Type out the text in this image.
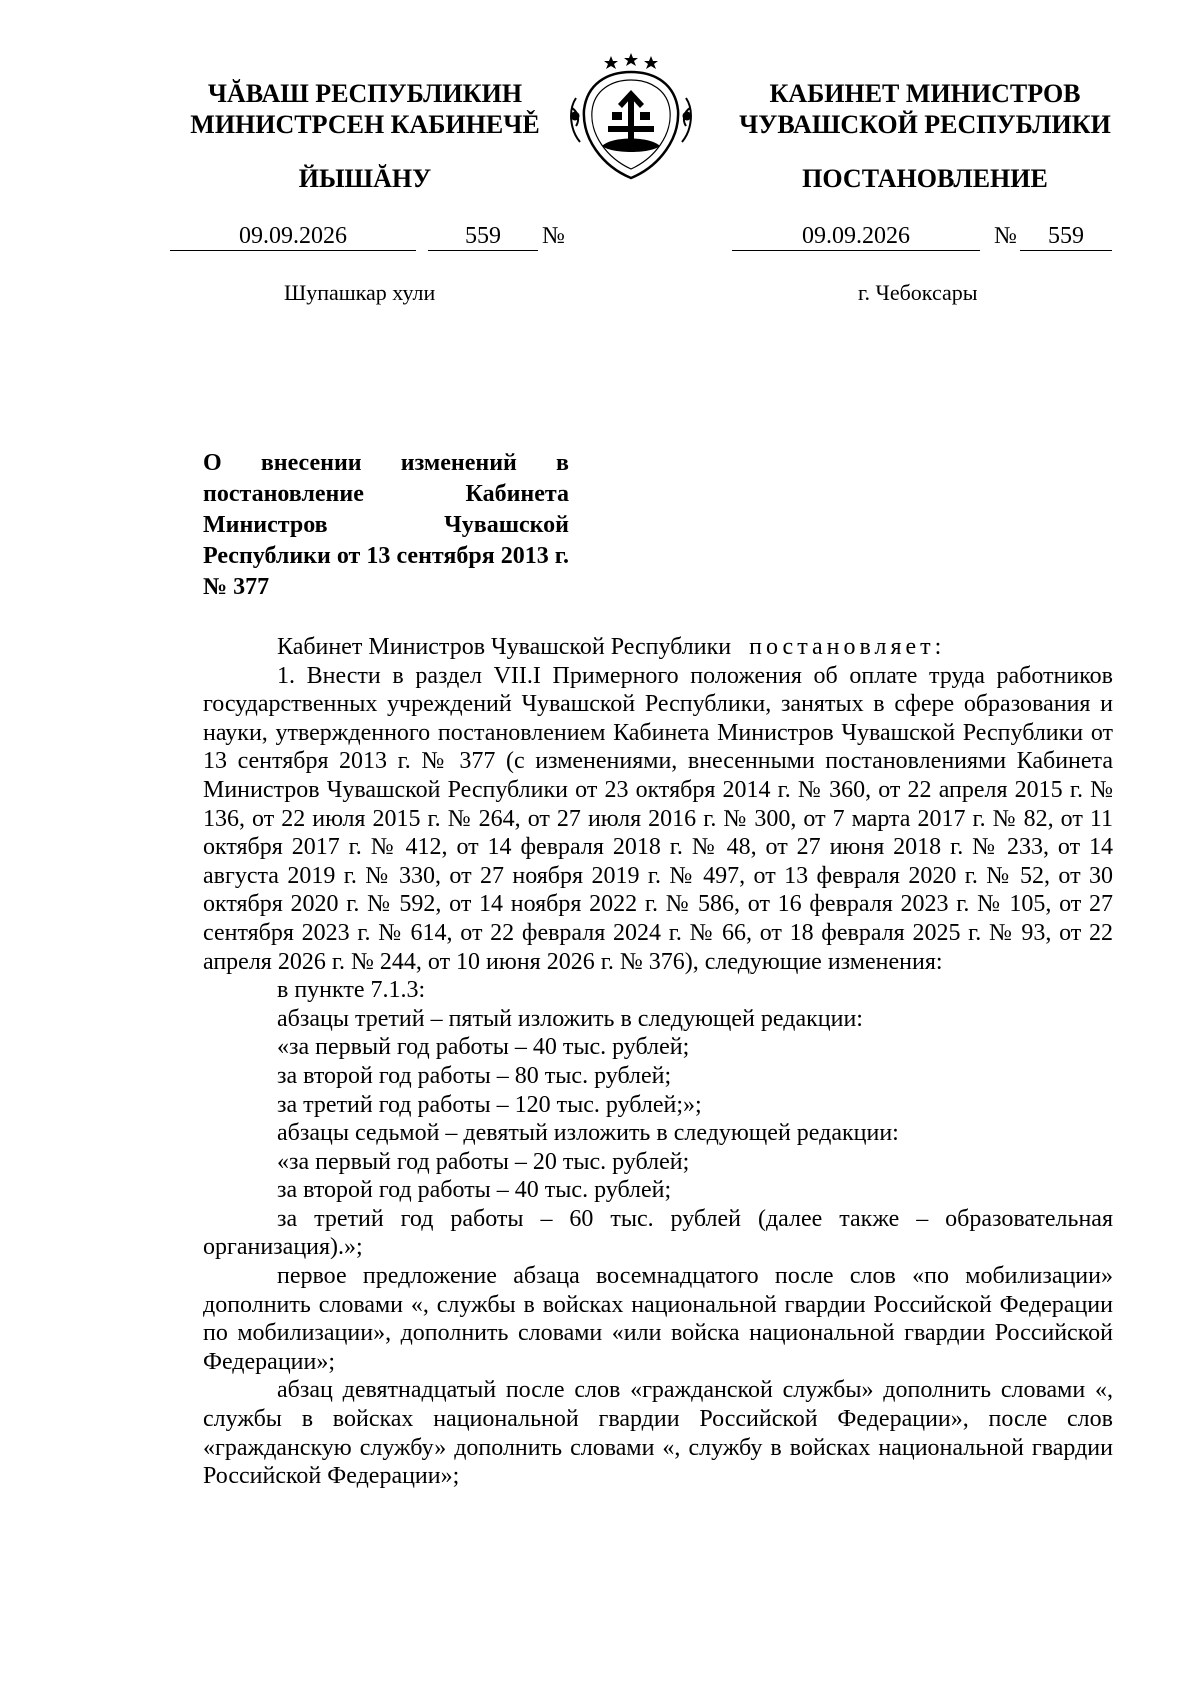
ЧĂВАШ РЕСПУБЛИКИН
МИНИСТРСЕН КАБИНЕЧĚ
КАБИНЕТ МИНИСТРОВ
ЧУВАШСКОЙ РЕСПУБЛИКИ
ЙЫШĂНУ	ПОСТАНОВЛЕНИЕ
09.09.2026	559	№	09.09.2026	№	559
Шупашкар хули	г. Чебоксары
О внесении изменений в постановление Кабинета Министров Чувашской Республики от 13 сентября 2013 г. № 377

Кабинет Министров Чувашской Республики постановляет:

1. Внести в раздел VII.I Примерного положения об оплате труда работников государственных учреждений Чувашской Республики, занятых в сфере образования и науки, утвержденного постановлением Кабинета Министров Чувашской Республики от 13 сентября 2013 г. № 377 (с изменениями, внесенными постановлениями Кабинета Министров Чувашской Республики от 23 октября 2014 г. № 360, от 22 апреля 2015 г. № 136, от 22 июля 2015 г. № 264, от 27 июля 2016 г. № 300, от 7 марта 2017 г. № 82, от 11 октября 2017 г. № 412, от 14 февраля 2018 г. № 48, от 27 июня 2018 г. № 233, от 14 августа 2019 г. № 330, от 27 ноября 2019 г. № 497, от 13 февраля 2020 г. № 52, от 30 октября 2020 г. № 592, от 14 ноября 2022 г. № 586, от 16 февраля 2023 г. № 105, от 27 сентября 2023 г. № 614, от 22 февраля 2024 г. № 66, от 18 февраля 2025 г. № 93, от 22 апреля 2026 г. № 244, от 10 июня 2026 г. № 376), следующие изменения:

в пункте 7.1.3:

абзацы третий – пятый изложить в следующей редакции:

«за первый год работы – 40 тыс. рублей;

за второй год работы – 80 тыс. рублей;

за третий год работы – 120 тыс. рублей;»;

абзацы седьмой – девятый изложить в следующей редакции:

«за первый год работы – 20 тыс. рублей;

за второй год работы – 40 тыс. рублей;

за третий год работы – 60 тыс. рублей (далее также – образовательная организация).»;

первое предложение абзаца восемнадцатого после слов «по мобилизации» дополнить словами «, службы в войсках национальной гвардии Российской Федерации по мобилизации», дополнить словами «или войска национальной гвардии Российской Федерации»;

абзац девятнадцатый после слов «гражданской службы» дополнить словами «, службы в войсках национальной гвардии Российской Федерации», после слов «гражданскую службу» дополнить словами «, службу в войсках национальной гвардии Российской Федерации»;
